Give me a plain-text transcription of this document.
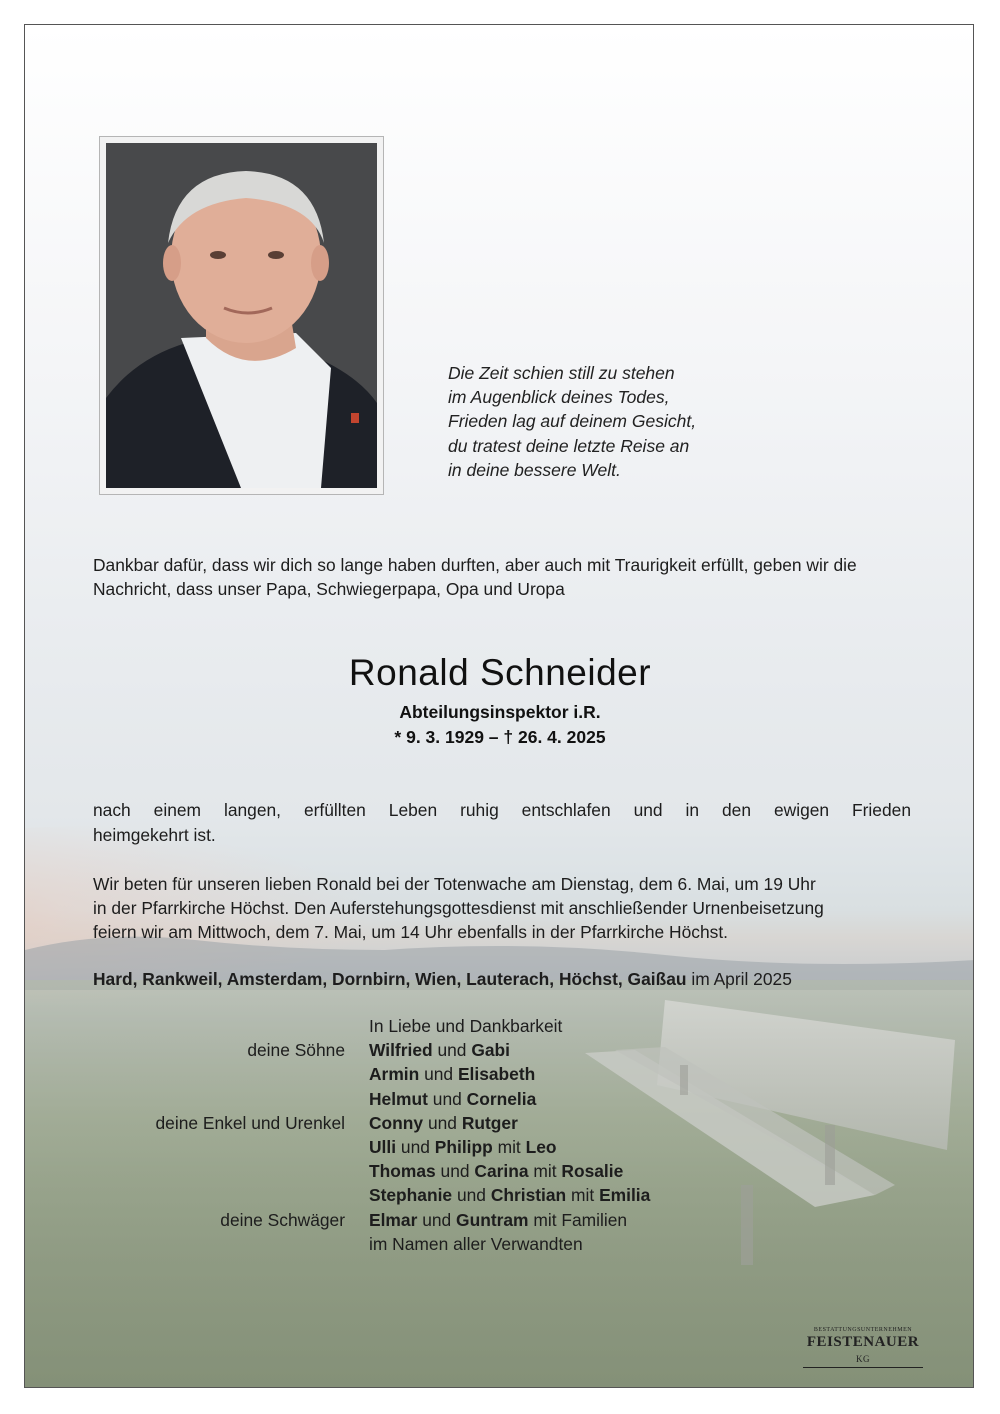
Die Zeit schien still zu stehen
im Augenblick deines Todes,
Frieden lag auf deinem Gesicht,
du tratest deine letzte Reise an
in deine bessere Welt.
Dankbar dafür, dass wir dich so lange haben durften, aber auch mit Traurigkeit erfüllt, geben wir die Nachricht, dass unser Papa, Schwiegerpapa, Opa und Uropa
Ronald Schneider
Abteilungsinspektor i.R.
* 9. 3. 1929 – † 26. 4. 2025
nach einem langen, erfüllten Leben ruhig entschlafen und in den ewigen Frieden
heimgekehrt ist.
Wir beten für unseren lieben Ronald bei der Totenwache am Dienstag, dem 6. Mai, um 19 Uhr
in der Pfarrkirche Höchst. Den Auferstehungsgottesdienst mit anschließender Urnenbeisetzung
feiern wir am Mittwoch, dem 7. Mai, um 14 Uhr ebenfalls in der Pfarrkirche Höchst.
Hard, Rankweil, Amsterdam, Dornbirn, Wien, Lauterach, Höchst, Gaißau im April 2025
In Liebe und Dankbarkeit
deine Söhne Wilfried und Gabi
Armin und Elisabeth
Helmut und Cornelia
deine Enkel und Urenkel Conny und Rutger
Ulli und Philipp mit Leo
Thomas und Carina mit Rosalie
Stephanie und Christian mit Emilia
deine Schwäger Elmar und Guntram mit Familien
im Namen aller Verwandten
BESTATTUNGSUNTERNEHMEN
FEISTENAUER KG
